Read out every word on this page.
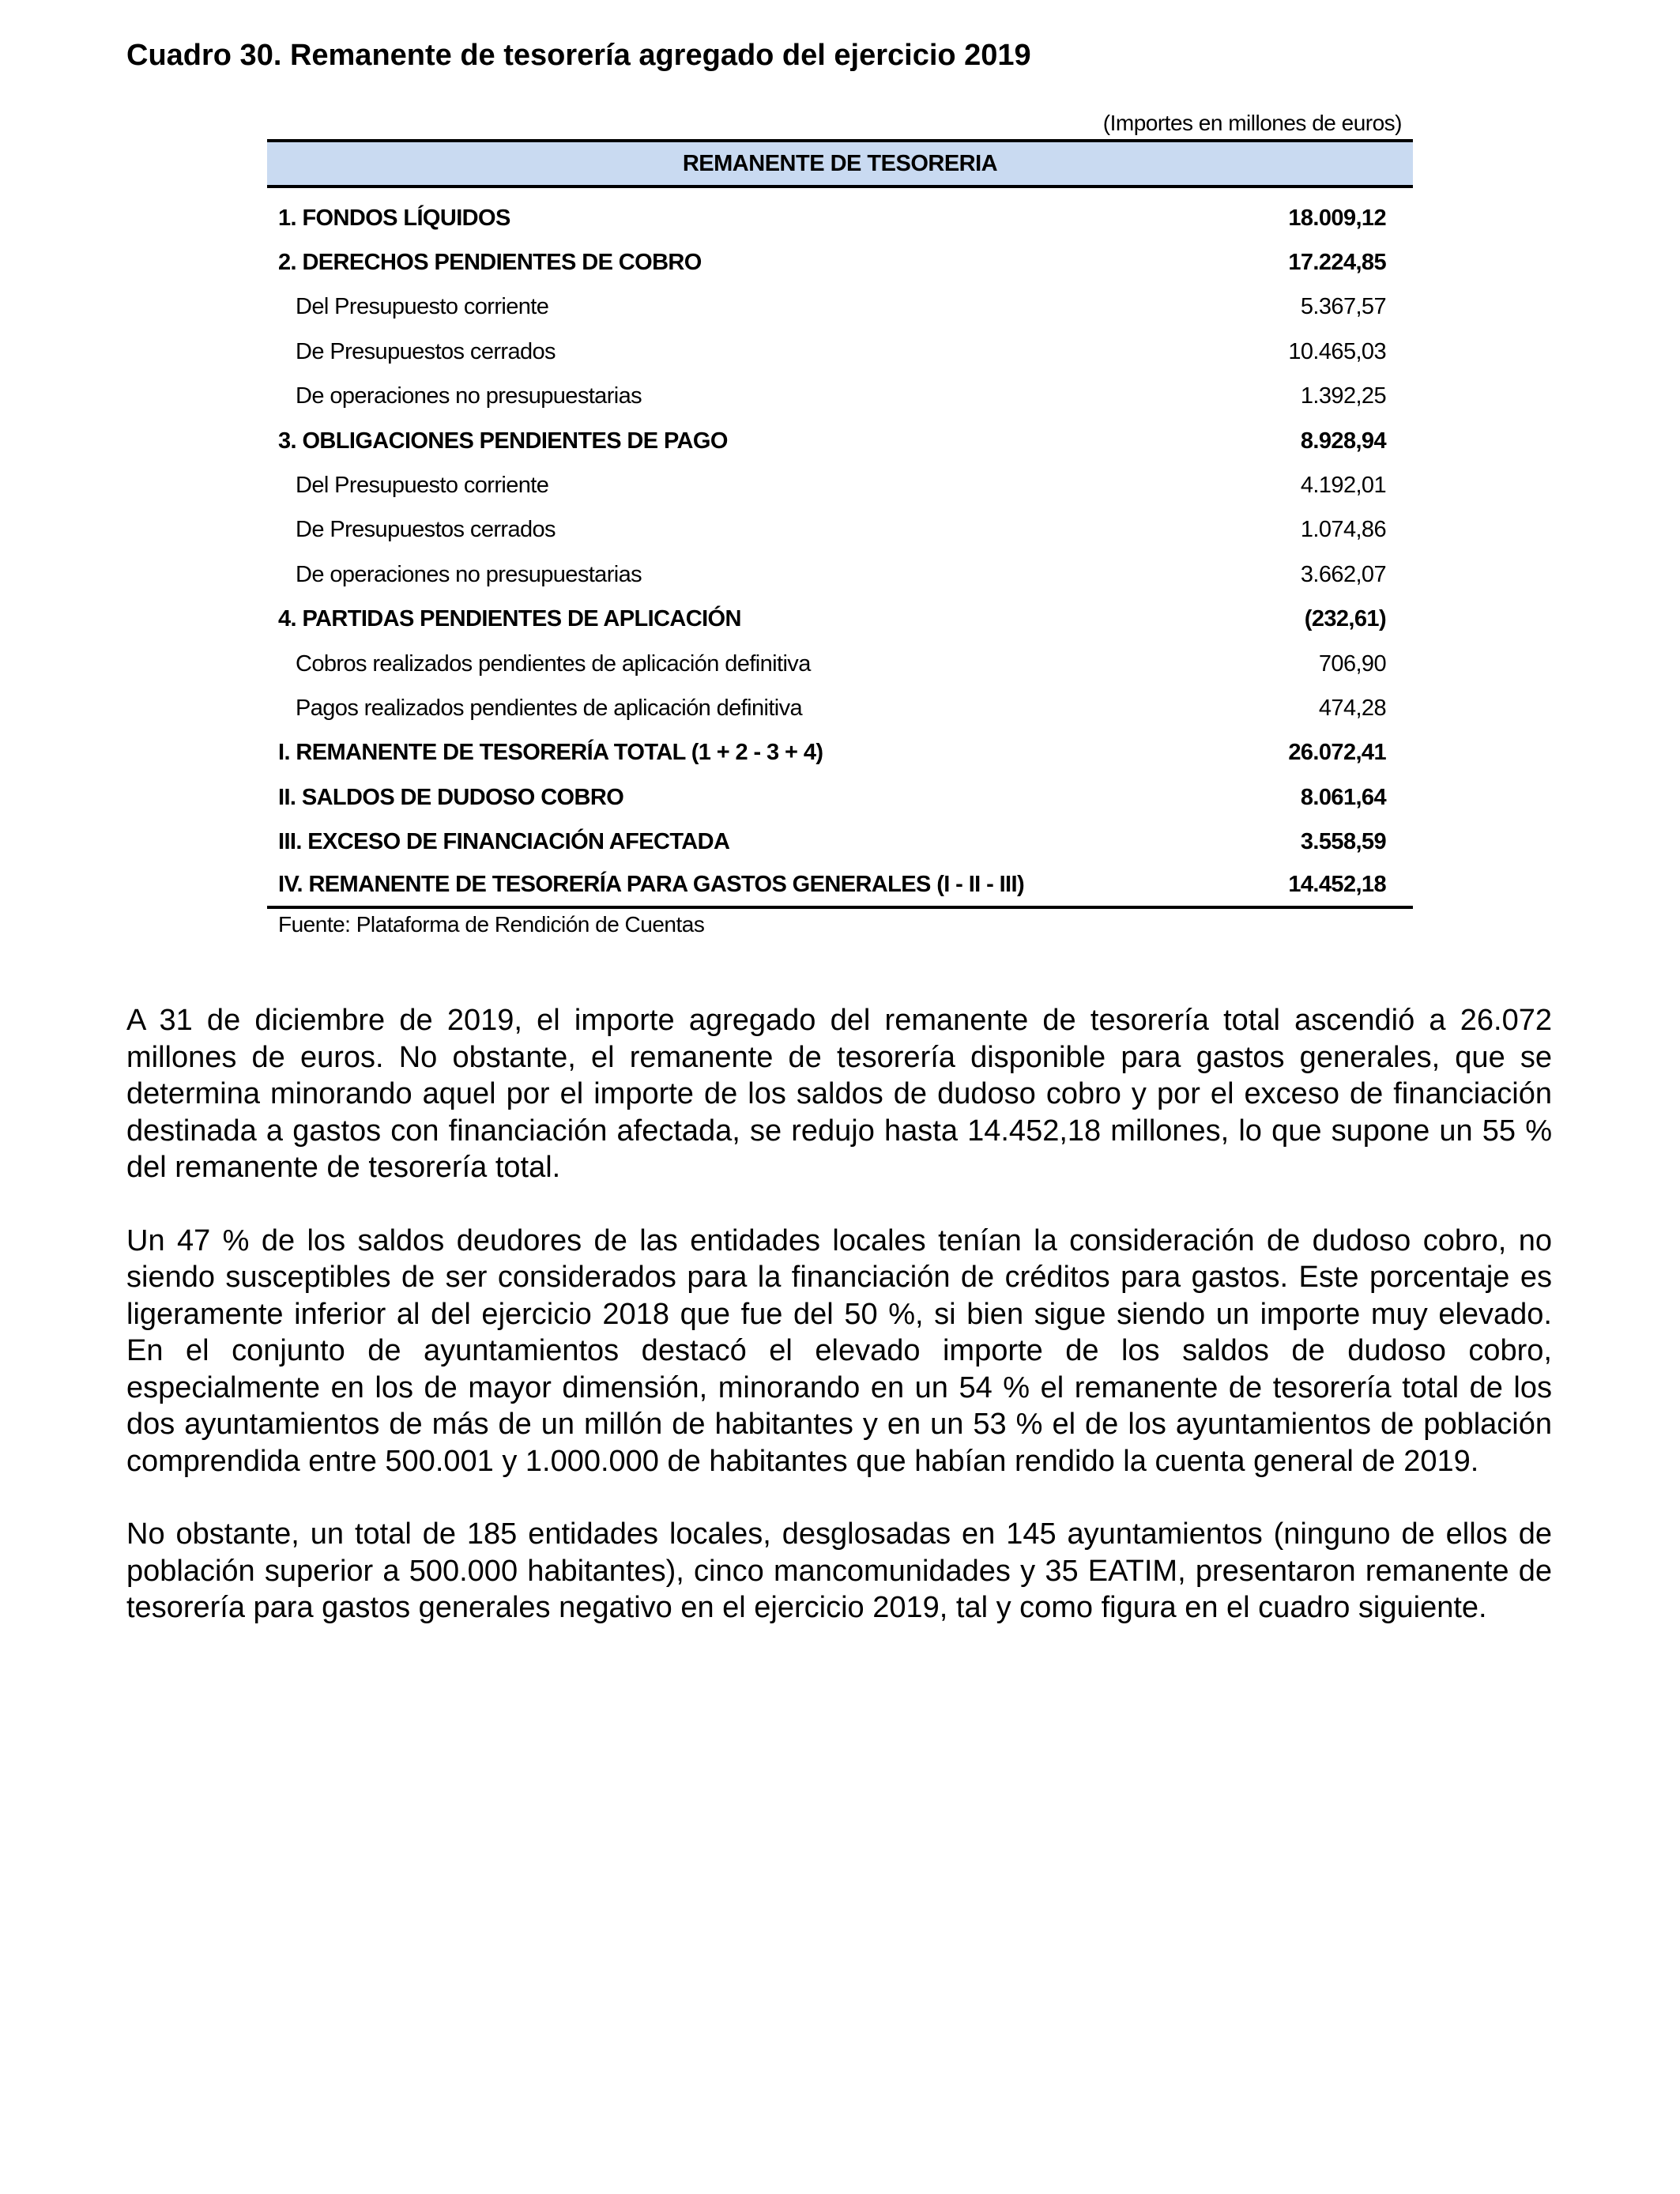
Cuadro 30. Remanente de tesorería agregado del ejercicio 2019
(Importes en millones de euros)
REMANENTE DE TESORERIA
1. FONDOS LÍQUIDOS	18.009,12
2. DERECHOS PENDIENTES DE COBRO	17.224,85
Del Presupuesto corriente	5.367,57
De Presupuestos cerrados	10.465,03
De operaciones no presupuestarias	1.392,25
3. OBLIGACIONES PENDIENTES DE PAGO	8.928,94
Del Presupuesto corriente	4.192,01
De Presupuestos cerrados	1.074,86
De operaciones no presupuestarias	3.662,07
4. PARTIDAS PENDIENTES DE APLICACIÓN	(232,61)
Cobros realizados pendientes de aplicación definitiva	706,90
Pagos realizados pendientes de aplicación definitiva	474,28
I. REMANENTE DE TESORERÍA TOTAL (1 + 2 - 3 + 4)	26.072,41
II. SALDOS DE DUDOSO COBRO	8.061,64
III. EXCESO DE FINANCIACIÓN AFECTADA	3.558,59
IV. REMANENTE DE TESORERÍA PARA GASTOS GENERALES (I - II - III)	14.452,18
Fuente: Plataforma de Rendición de Cuentas

A 31 de diciembre de 2019, el importe agregado del remanente de tesorería total ascendió a 26.072 millones de euros. No obstante, el remanente de tesorería disponible para gastos generales, que se determina minorando aquel por el importe de los saldos de dudoso cobro y por el exceso de financiación destinada a gastos con financiación afectada, se redujo hasta 14.452,18 millones, lo que supone un 55 % del remanente de tesorería total.

Un 47 % de los saldos deudores de las entidades locales tenían la consideración de dudoso cobro, no siendo susceptibles de ser considerados para la financiación de créditos para gastos. Este porcentaje es ligeramente inferior al del ejercicio 2018 que fue del 50 %, si bien sigue siendo un importe muy elevado. En el conjunto de ayuntamientos destacó el elevado importe de los saldos de dudoso cobro, especialmente en los de mayor dimensión, minorando en un 54 % el remanente de tesorería total de los dos ayuntamientos de más de un millón de habitantes y en un 53 % el de los ayuntamientos de población comprendida entre 500.001 y 1.000.000 de habitantes que habían rendido la cuenta general de 2019.

No obstante, un total de 185 entidades locales, desglosadas en 145 ayuntamientos (ninguno de ellos de población superior a 500.000 habitantes), cinco mancomunidades y 35 EATIM, presentaron remanente de tesorería para gastos generales negativo en el ejercicio 2019, tal y como figura en el cuadro siguiente.
